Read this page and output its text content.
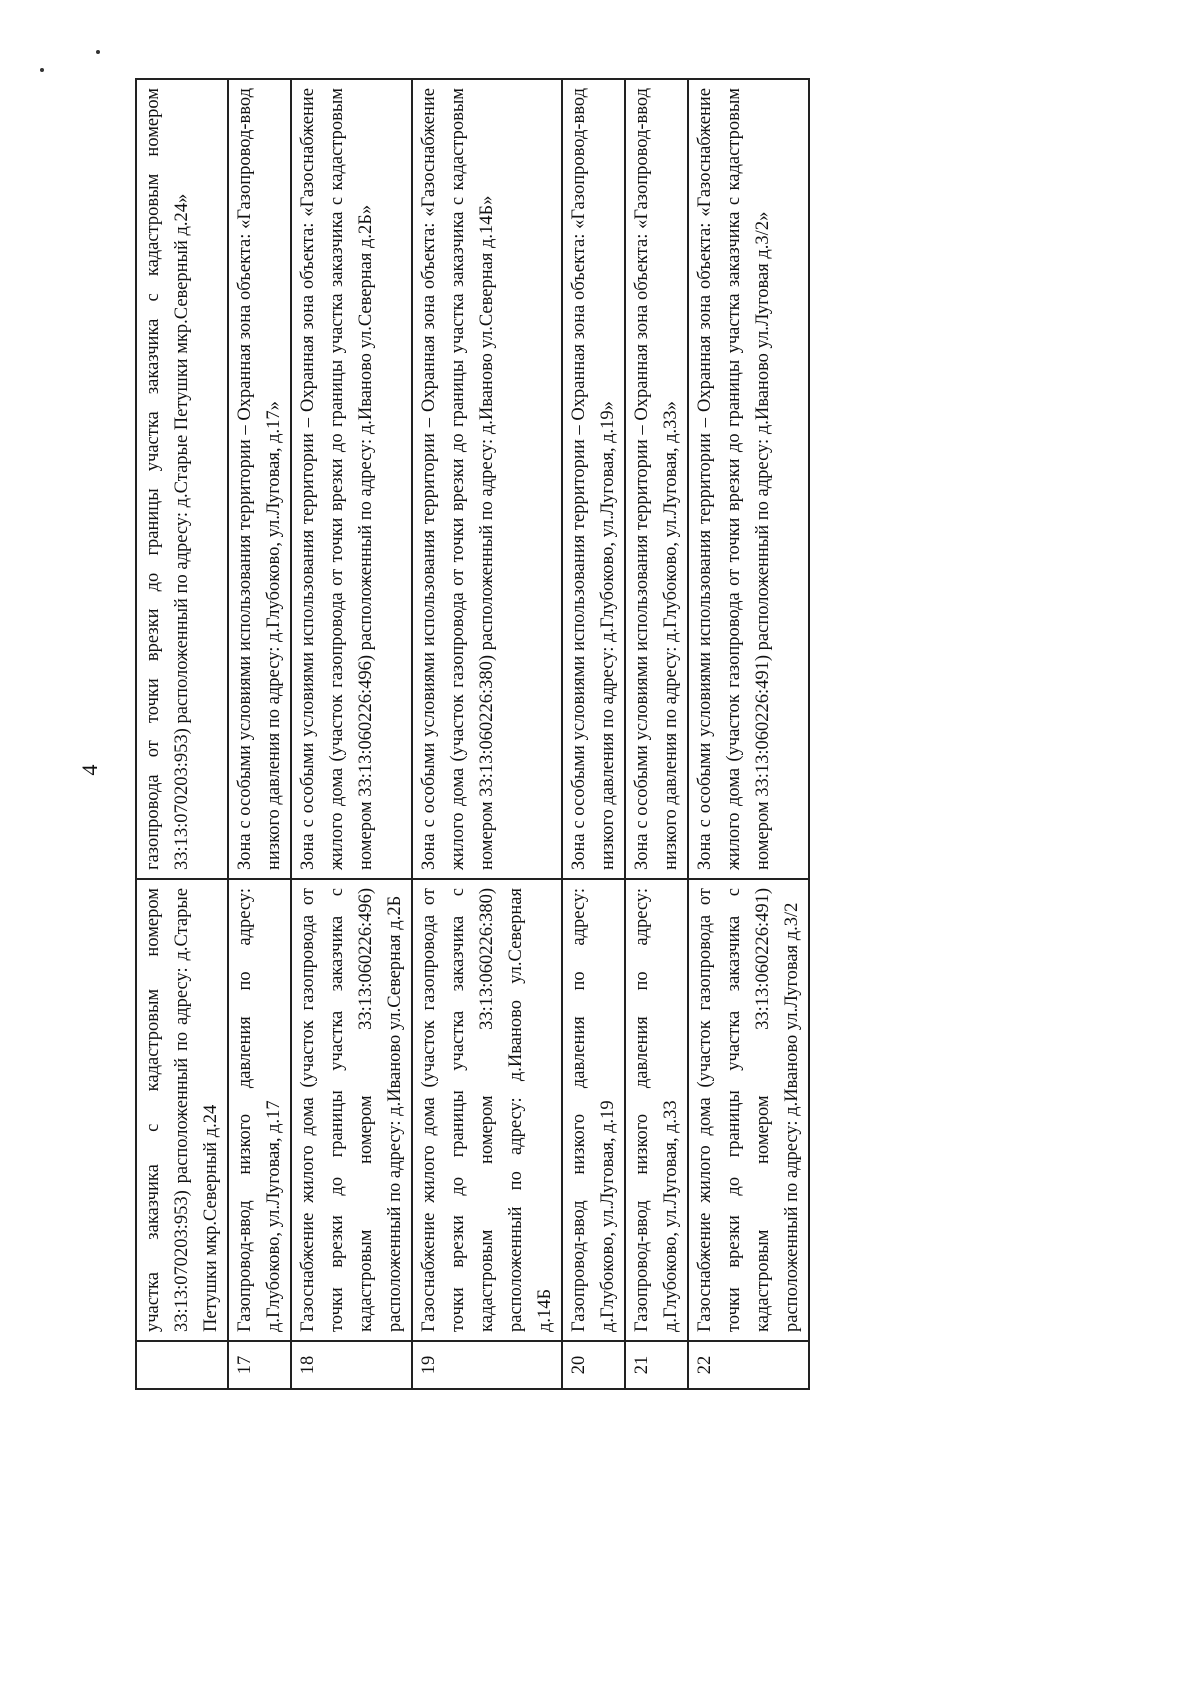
4
	участка заказчика с кадастровым номером 33:13:070203:953) расположенный по адресу: д.Старые Петушки мкр.Северный д.24	газопровода от точки врезки до границы участка заказчика с кадастровым номером 33:13:070203:953) расположенный по адресу: д.Старые Петушки мкр.Северный д.24»
17	Газопровод-ввод низкого давления по адресу: д.Глубоково, ул.Луговая, д.17	Зона с особыми условиями использования территории – Охранная зона объекта: «Газопровод-ввод низкого давления по адресу: д.Глубоково, ул.Луговая, д.17»
18	Газоснабжение жилого дома (участок газопровода от точки врезки до границы участка заказчика с кадастровым номером 33:13:060226:496) расположенный по адресу: д.Иваново ул.Северная д.2Б	Зона с особыми условиями использования территории – Охранная зона объекта: «Газоснабжение жилого дома (участок газопровода от точки врезки до границы участка заказчика с кадастровым номером 33:13:060226:496) расположенный по адресу: д.Иваново ул.Северная д.2Б»
19	Газоснабжение жилого дома (участок газопровода от точки врезки до границы участка заказчика с кадастровым номером 33:13:060226:380) расположенный по адресу: д.Иваново ул.Северная д.14Б	Зона с особыми условиями использования территории – Охранная зона объекта: «Газоснабжение жилого дома (участок газопровода от точки врезки до границы участка заказчика с кадастровым номером 33:13:060226:380) расположенный по адресу: д.Иваново ул.Северная д.14Б»
20	Газопровод-ввод низкого давления по адресу: д.Глубоково, ул.Луговая, д.19	Зона с особыми условиями использования территории – Охранная зона объекта: «Газопровод-ввод низкого давления по адресу: д.Глубоково, ул.Луговая, д.19»
21	Газопровод-ввод низкого давления по адресу: д.Глубоково, ул.Луговая, д.33	Зона с особыми условиями использования территории – Охранная зона объекта: «Газопровод-ввод низкого давления по адресу: д.Глубоково, ул.Луговая, д.33»
22	Газоснабжение жилого дома (участок газопровода от точки врезки до границы участка заказчика с кадастровым номером 33:13:060226:491) расположенный по адресу: д.Иваново ул.Луговая д.3/2	Зона с особыми условиями использования территории – Охранная зона объекта: «Газоснабжение жилого дома (участок газопровода от точки врезки до границы участка заказчика с кадастровым номером 33:13:060226:491) расположенный по адресу: д.Иваново ул.Луговая д.3/2»
